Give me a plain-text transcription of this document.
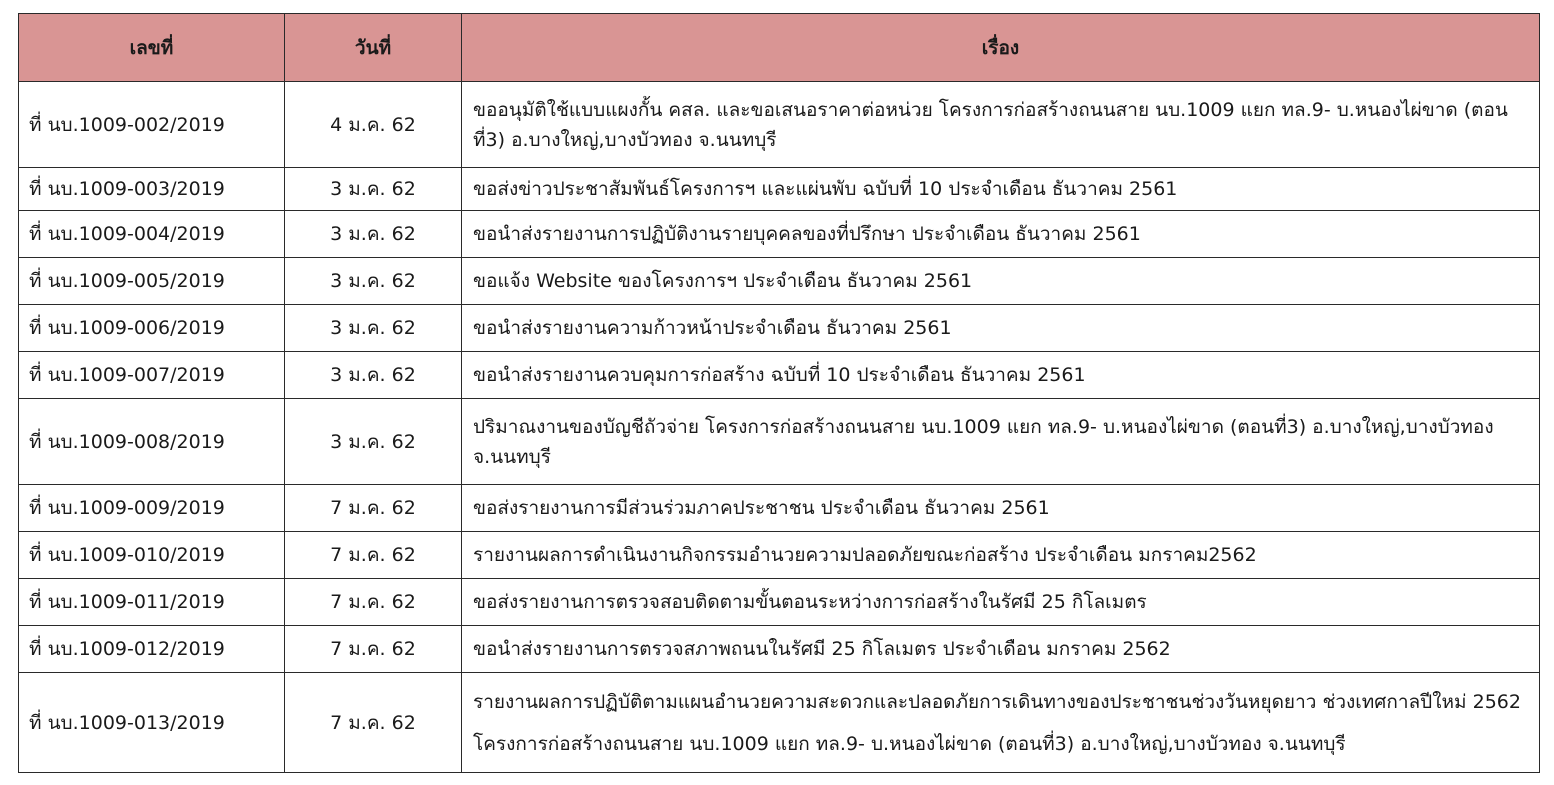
เลขที่	วันที่	เรื่อง
ที่ นบ.1009-002/2019	4 ม.ค. 62	ขออนุมัติใช้แบบแผงกั้น คสล. และขอเสนอราคาต่อหน่วย โครงการก่อสร้างถนนสาย นบ.1009 แยก ทล.9- บ.หนองไผ่ขาด (ตอนที่3) อ.บางใหญ่,บางบัวทอง จ.นนทบุรี
ที่ นบ.1009-003/2019	3 ม.ค. 62	ขอส่งข่าวประชาสัมพันธ์โครงการฯ และแผ่นพับ ฉบับที่ 10 ประจำเดือน ธันวาคม 2561
ที่ นบ.1009-004/2019	3 ม.ค. 62	ขอนำส่งรายงานการปฏิบัติงานรายบุคคลของที่ปรึกษา ประจำเดือน ธันวาคม 2561
ที่ นบ.1009-005/2019	3 ม.ค. 62	ขอแจ้ง Website ของโครงการฯ ประจำเดือน ธันวาคม 2561
ที่ นบ.1009-006/2019	3 ม.ค. 62	ขอนำส่งรายงานความก้าวหน้าประจำเดือน ธันวาคม 2561
ที่ นบ.1009-007/2019	3 ม.ค. 62	ขอนำส่งรายงานควบคุมการก่อสร้าง ฉบับที่ 10 ประจำเดือน ธันวาคม 2561
ที่ นบ.1009-008/2019	3 ม.ค. 62	ปริมาณงานของบัญชีถัวจ่าย โครงการก่อสร้างถนนสาย นบ.1009 แยก ทล.9- บ.หนองไผ่ขาด (ตอนที่3) อ.บางใหญ่,บางบัวทอง จ.นนทบุรี
ที่ นบ.1009-009/2019	7 ม.ค. 62	ขอส่งรายงานการมีส่วนร่วมภาคประชาชน ประจำเดือน ธันวาคม 2561
ที่ นบ.1009-010/2019	7 ม.ค. 62	รายงานผลการดำเนินงานกิจกรรมอำนวยความปลอดภัยขณะก่อสร้าง ประจำเดือน มกราคม2562
ที่ นบ.1009-011/2019	7 ม.ค. 62	ขอส่งรายงานการตรวจสอบติดตามขั้นตอนระหว่างการก่อสร้างในรัศมี 25 กิโลเมตร
ที่ นบ.1009-012/2019	7 ม.ค. 62	ขอนำส่งรายงานการตรวจสภาพถนนในรัศมี 25 กิโลเมตร ประจำเดือน มกราคม 2562
ที่ นบ.1009-013/2019	7 ม.ค. 62	รายงานผลการปฏิบัติตามแผนอำนวยความสะดวกและปลอดภัยการเดินทางของประชาชนช่วงวันหยุดยาว ช่วงเทศกาลปีใหม่ 2562 โครงการก่อสร้างถนนสาย นบ.1009 แยก ทล.9- บ.หนองไผ่ขาด (ตอนที่3) อ.บางใหญ่,บางบัวทอง จ.นนทบุรี
